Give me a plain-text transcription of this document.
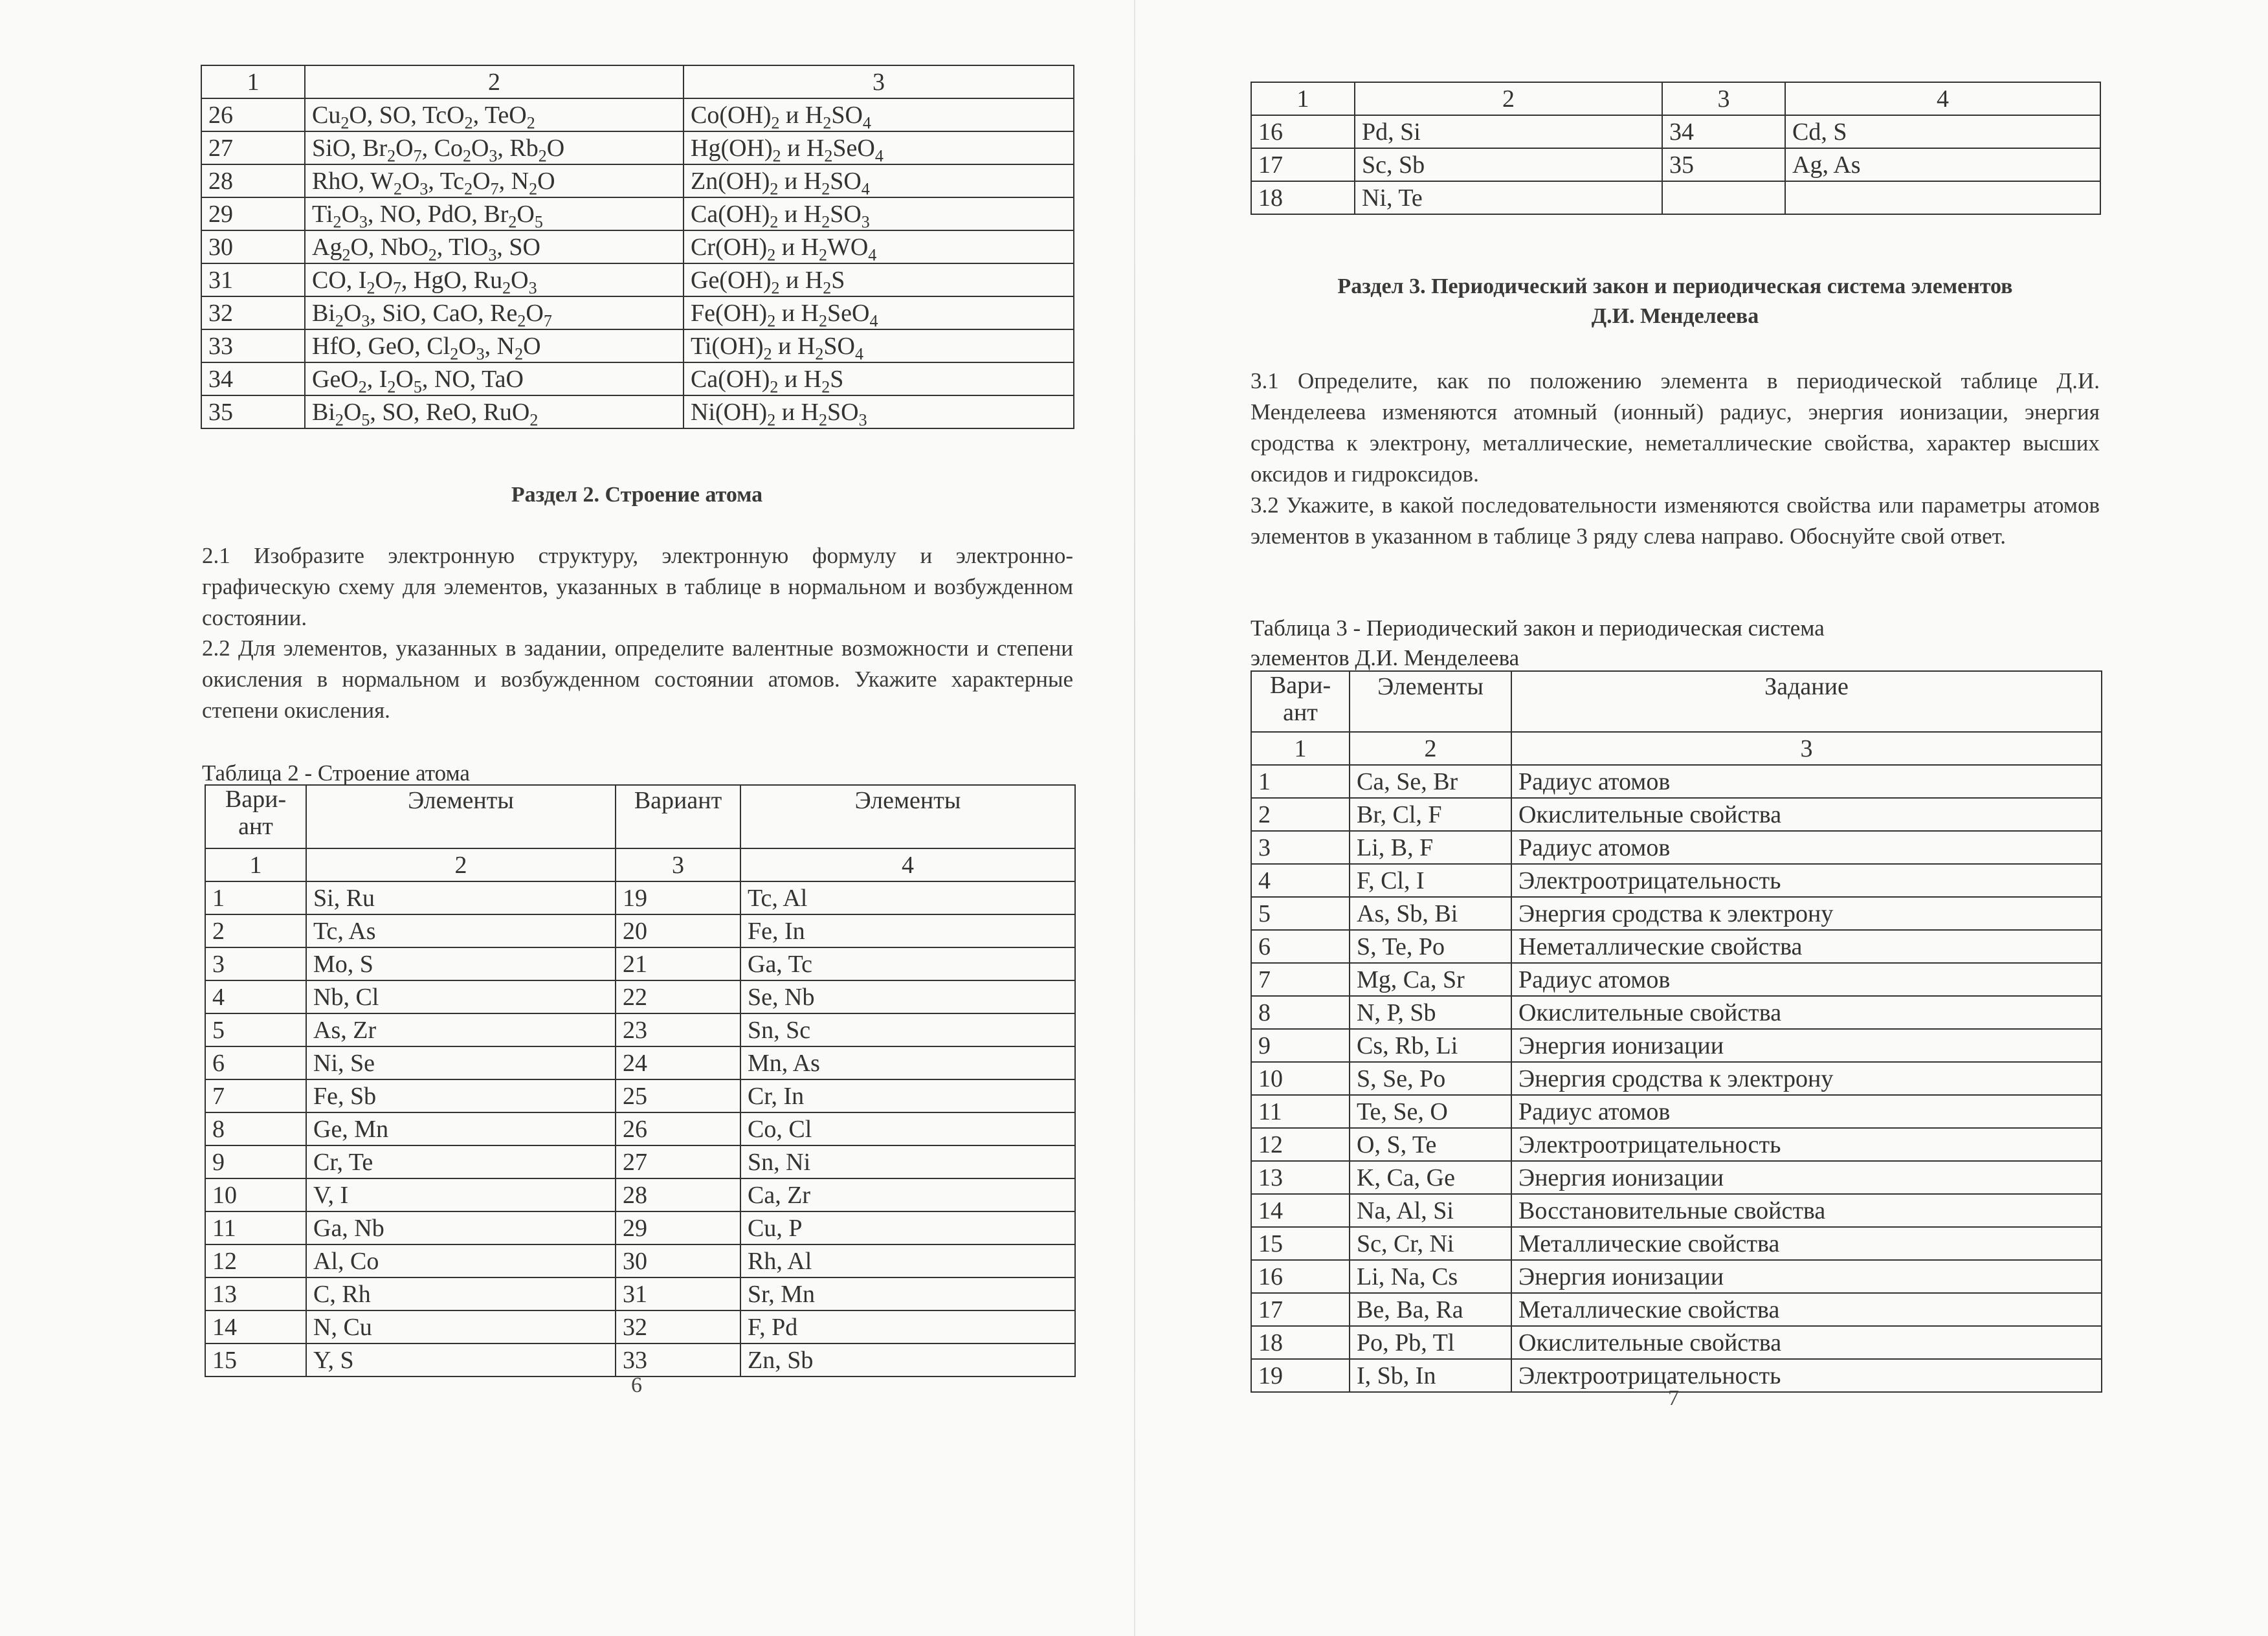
1	2	3
26	$Cu_2O$, SO, TcO$_2$, TeO$_2$	$Co(OH)_2$ и $H_2SO_4$
27	SiO, $Br_2O_7$, $Co_2O_3$, $Rb_2O$	$Hg(OH)_2$ и $H_2SeO_4$
28	RhO, $W_2O_3$, $Tc_2O_7$, $N_2O$	$Zn(OH)_2$ и $H_2SO_4$
29	$Ti_2O_3$, NO, PdO, $Br_2O_5$	$Ca(OH)_2$ и $H_2SO_3$
30	$Ag_2O$, NbO$_2$, TlO$_3$, SO	$Cr(OH)_2$ и $H_2WO_4$
31	CO, $I_2O_7$, HgO, $Ru_2O_3$	$Ge(OH)_2$ и $H_2S$
32	$Bi_2O_3$, SiO, CaO, $Re_2O_7$	$Fe(OH)_2$ и $H_2SeO_4$
33	HfO, GeO, $Cl_2O_3$, $N_2O$	$Ti(OH)_2$ и $H_2SO_4$
34	GeO$_2$, $I_2O_5$, NO, TaO	$Ca(OH)_2$ и $H_2S$
35	$Bi_2O_5$, SO, ReO, RuO$_2$	$Ni(OH)_2$ и $H_2SO_3$
Раздел 2. Строение атома
2.1 Изобразите электронную структуру, электронную формулу и электронно-графическую схему для элементов, указанных в таблице в нормальном и возбужденном состоянии.
2.2 Для элементов, указанных в задании, определите валентные возможности и степени окисления в нормальном и возбужденном состоянии атомов. Укажите характерные степени окисления.
Таблица 2 - Строение атома
Вари-ант	Элементы	Вариант	Элементы
1	2	3	4
1	Si, Ru	19	Tc, Al
2	Tc, As	20	Fe, In
3	Mo, S	21	Ga, Tc
4	Nb, Cl	22	Se, Nb
5	As, Zr	23	Sn, Sc
6	Ni, Se	24	Mn, As
7	Fe, Sb	25	Cr, In
8	Ge, Mn	26	Co, Cl
9	Cr, Te	27	Sn, Ni
10	V, I	28	Ca, Zr
11	Ga, Nb	29	Cu, P
12	Al, Co	30	Rh, Al
13	C, Rh	31	Sr, Mn
14	N, Cu	32	F, Pd
15	Y, S	33	Zn, Sb
6
1	2	3	4
16	Pd, Si	34	Cd, S
17	Sc, Sb	35	Ag, As
18	Ni, Te		
Раздел 3. Периодический закон и периодическая система элементов
Д.И. Менделеева
3.1 Определите, как по положению элемента в периодической таблице Д.И. Менделеева изменяются атомный (ионный) радиус, энергия ионизации, энергия сродства к электрону, металлические, неметаллические свойства, характер высших оксидов и гидроксидов.
3.2 Укажите, в какой последовательности изменяются свойства или параметры атомов элементов в указанном в таблице 3 ряду слева направо. Обоснуйте свой ответ.
Таблица 3 - Периодический закон и периодическая система элементов Д.И. Менделеева
Вари-ант	Элементы	Задание
1	2	3
1	Ca, Se, Br	Радиус атомов
2	Br, Cl, F	Окислительные свойства
3	Li, B, F	Радиус атомов
4	F, Cl, I	Электроотрицательность
5	As, Sb, Bi	Энергия сродства к электрону
6	S, Te, Po	Неметаллические свойства
7	Mg, Ca, Sr	Радиус атомов
8	N, P, Sb	Окислительные свойства
9	Cs, Rb, Li	Энергия ионизации
10	S, Se, Po	Энергия сродства к электрону
11	Te, Se, O	Радиус атомов
12	O, S, Te	Электроотрицательность
13	K, Ca, Ge	Энергия ионизации
14	Na, Al, Si	Восстановительные свойства
15	Sc, Cr, Ni	Металлические свойства
16	Li, Na, Cs	Энергия ионизации
17	Be, Ba, Ra	Металлические свойства
18	Po, Pb, Tl	Окислительные свойства
19	I, Sb, In	Электроотрицательность
7
